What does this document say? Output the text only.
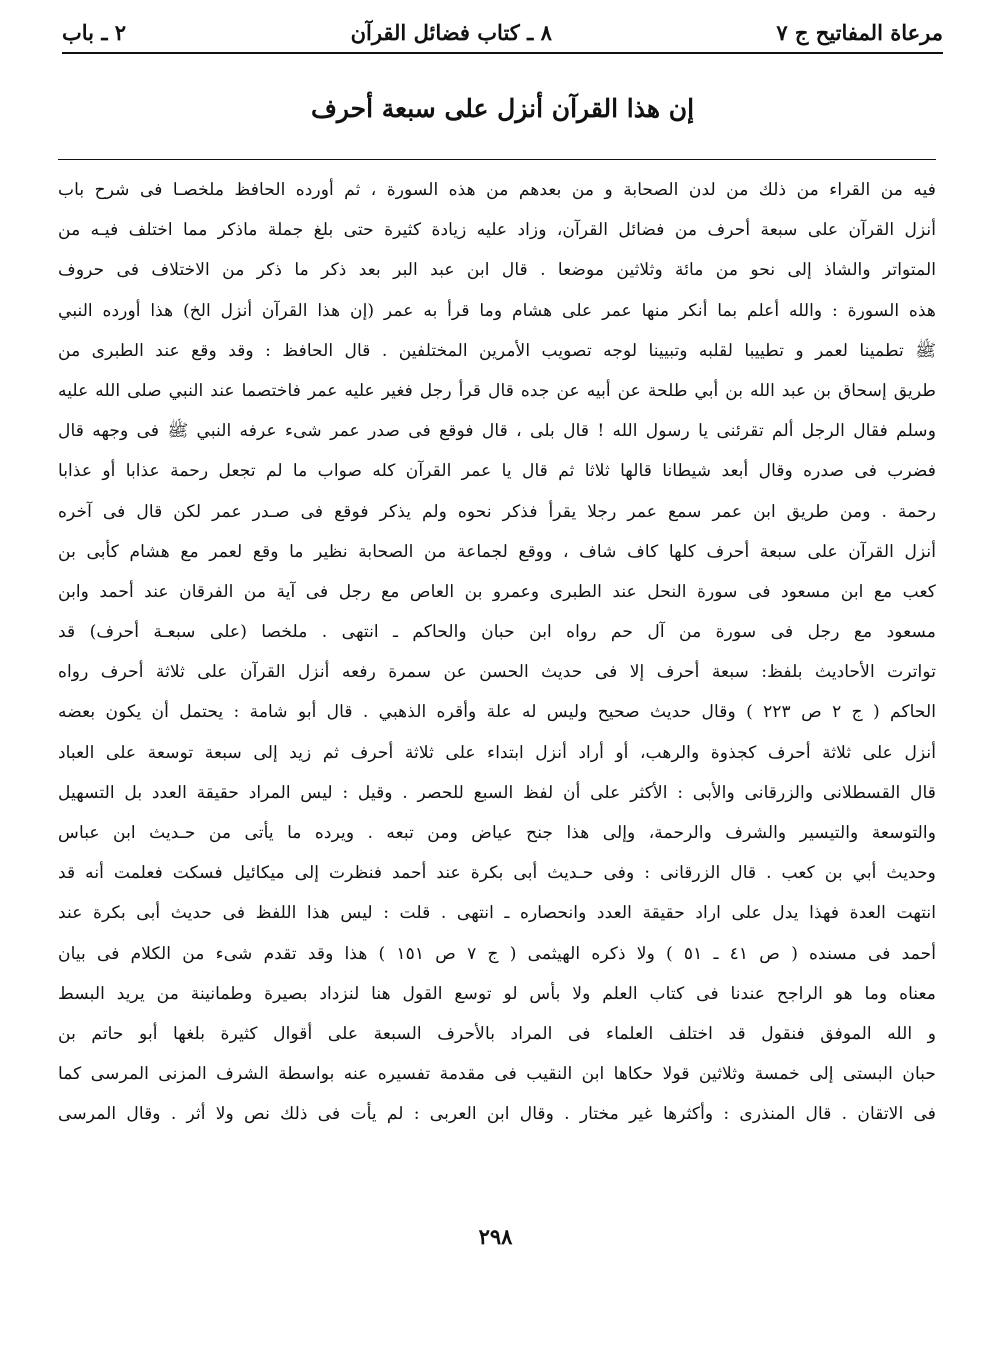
مرعاة المفاتيح ج ٧
٨ ـ كتاب فضائل القرآن
٢ ـ باب
إن هذا القرآن أنزل على سبعة أحرف
فيه من القراء من ذلك من لدن الصحابة و من بعدهم من هذه السورة ، ثم أورده الحافظ ملخصـا فى شرح باب
أنزل القرآن على سبعة أحرف من فضائل القرآن، وزاد عليه زيادة كثيرة حتى بلغ جملة ماذكر مما اختلف فيـه من
المتواتر والشاذ إلى نحو من مائة وثلاثين موضعا . قال ابن عبد البر بعد ذكر ما ذكر من الاختلاف فى حروف
هذه السورة : والله أعلم بما أنكر منها عمر على هشام وما قرأ به عمر (إن هذا القرآن أنزل الخ) هذا أورده النبي
ﷺ تطمينا لعمر و تطييبا لقلبه وتبيينا لوجه تصويب الأمرين المختلفين . قال الحافظ : وقد وقع عند الطبرى من
طريق إسحاق بن عبد الله بن أبي طلحة عن أبيه عن جده قال قرأ رجل فغير عليه عمر فاختصما عند النبي صلى الله عليه
وسلم فقال الرجل ألم تقرئنى يا رسول الله ! قال بلى ، قال فوقع فى صدر عمر شىء عرفه النبي ﷺ فى وجهه قال
فضرب فى صدره وقال أبعد شيطانا قالها ثلاثا ثم قال يا عمر القرآن كله صواب ما لم تجعل رحمة عذابا أو عذابا
رحمة . ومن طريق ابن عمر سمع عمر رجلا يقرأ فذكر نحوه ولم يذكر فوقع فى صـدر عمر لكن قال فى آخره
أنزل القرآن على سبعة أحرف كلها كاف شاف ، ووقع لجماعة من الصحابة نظير ما وقع لعمر مع هشام كأبى بن
كعب مع ابن مسعود فى سورة النحل عند الطبرى وعمرو بن العاص مع رجل فى آية من الفرقان عند أحمد وابن
مسعود مع رجل فى سورة من آل حم رواه ابن حبان والحاكم ـ انتهى . ملخصا (على سبعـة أحرف) قد
تواترت الأحاديث بلفظ: سبعة أحرف إلا فى حديث الحسن عن سمرة رفعه أنزل القرآن على ثلاثة أحرف رواه
الحاكم ( ج ٢ ص ٢٢٣ ) وقال حديث صحيح وليس له علة وأقره الذهبي . قال أبو شامة : يحتمل أن يكون بعضه
أنزل على ثلاثة أحرف كجذوة والرهب، أو أراد أنزل ابتداء على ثلاثة أحرف ثم زيد إلى سبعة توسعة على العباد
قال القسطلانى والزرقانى والأبى : الأكثر على أن لفظ السبع للحصر . وقيل : ليس المراد حقيقة العدد بل التسهيل
والتوسعة والتيسير والشرف والرحمة، وإلى هذا جنح عياض ومن تبعه . ويرده ما يأتى من حـديث ابن عباس
وحديث أبي بن كعب . قال الزرقانى : وفى حـديث أبى بكرة عند أحمد فنظرت إلى ميكائيل فسكت فعلمت أنه قد
انتهت العدة فهذا يدل على اراد حقيقة العدد وانحصاره ـ انتهى . قلت : ليس هذا اللفظ فى حديث أبى بكرة عند
أحمد فى مسنده ( ص ٤١ ـ ٥١ ) ولا ذكره الهيثمى ( ج ٧ ص ١٥١ ) هذا وقد تقدم شىء من الكلام فى بيان
معناه وما هو الراجح عندنا فى كتاب العلم ولا بأس لو توسع القول هنا لنزداد بصيرة وطمانينة من يريد البسط
و الله الموفق فنقول قد اختلف العلماء فى المراد بالأحرف السبعة على أقوال كثيرة بلغها أبو حاتم بن
حبان البستى إلى خمسة وثلاثين قولا حكاها ابن النقيب فى مقدمة تفسيره عنه بواسطة الشرف المزنى المرسى كما
فى الاتقان . قال المنذرى : وأكثرها غير مختار . وقال ابن العربى : لم يأت فى ذلك نص ولا أثر . وقال المرسى
٢٩٨
